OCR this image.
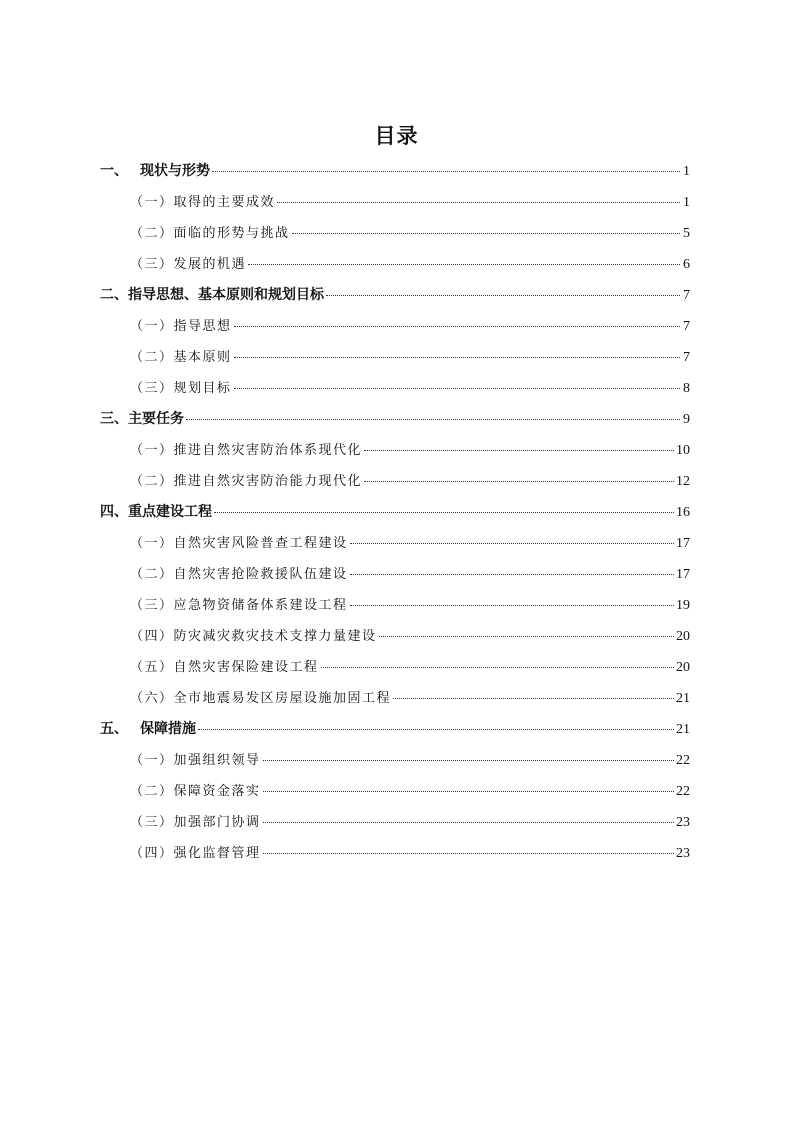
目录
一、 现状与形势	1
（一）取得的主要成效	1
（二）面临的形势与挑战	5
（三）发展的机遇	6
二、指导思想、基本原则和规划目标	7
（一）指导思想	7
（二）基本原则	7
（三）规划目标	8
三、主要任务	9
（一）推进自然灾害防治体系现代化	10
（二）推进自然灾害防治能力现代化	12
四、重点建设工程	16
（一）自然灾害风险普查工程建设	17
（二）自然灾害抢险救援队伍建设	17
（三）应急物资储备体系建设工程	19
（四）防灾减灾救灾技术支撑力量建设	20
（五）自然灾害保险建设工程	20
（六）全市地震易发区房屋设施加固工程	21
五、 保障措施	21
（一）加强组织领导	22
（二）保障资金落实	22
（三）加强部门协调	23
（四）强化监督管理	23
